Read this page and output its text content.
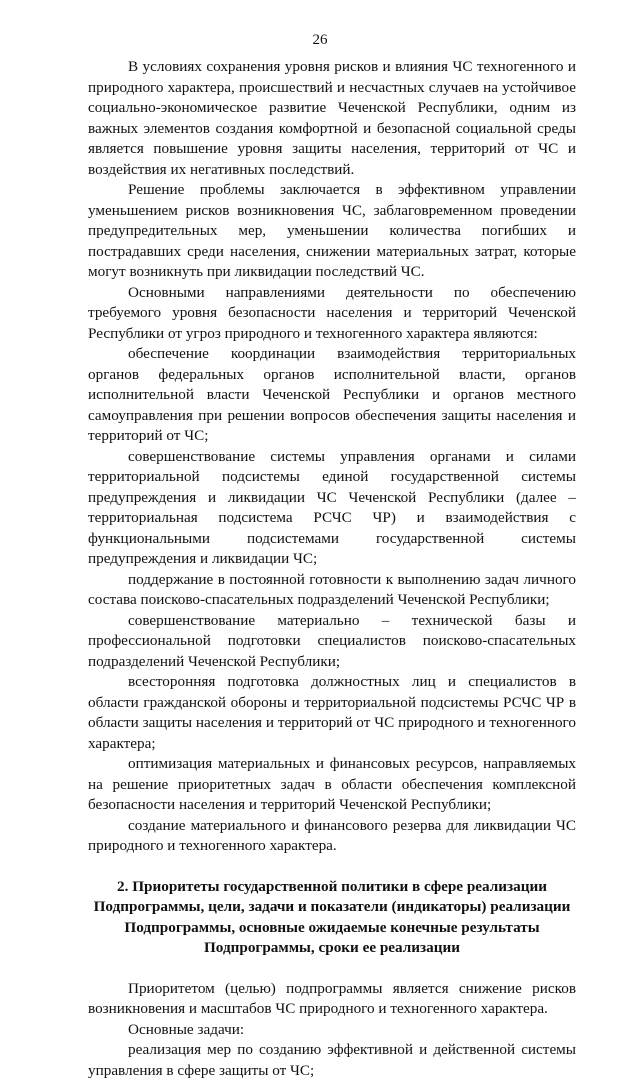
26

В условиях сохранения уровня рисков и влияния ЧС техногенного и природного характера, происшествий и несчастных случаев на устойчивое социально-экономическое развитие Чеченской Республики, одним из важных элементов создания комфортной и безопасной социальной среды является повышение уровня защиты населения, территорий от ЧС и воздействия их негативных последствий.

Решение проблемы заключается в эффективном управлении уменьшением рисков возникновения ЧС, заблаговременном проведении предупредительных мер, уменьшении количества погибших и пострадавших среди населения, снижении материальных затрат, которые могут возникнуть при ликвидации последствий ЧС.

Основными направлениями деятельности по обеспечению требуемого уровня безопасности населения и территорий Чеченской Республики от угроз природного и техногенного характера являются:

обеспечение координации взаимодействия территориальных органов федеральных органов исполнительной власти, органов исполнительной власти Чеченской Республики и органов местного самоуправления при решении вопросов обеспечения защиты населения и территорий от ЧС;

совершенствование системы управления органами и силами территориальной подсистемы единой государственной системы предупреждения и ликвидации ЧС Чеченской Республики (далее – территориальная подсистема РСЧС ЧР) и взаимодействия с функциональными подсистемами государственной системы предупреждения и ликвидации ЧС;

поддержание в постоянной готовности к выполнению задач личного состава поисково-спасательных подразделений Чеченской Республики;

совершенствование материально – технической базы и профессиональной подготовки специалистов поисково-спасательных подразделений Чеченской Республики;

всесторонняя подготовка должностных лиц и специалистов в области гражданской обороны и территориальной подсистемы РСЧС ЧР в области защиты населения и территорий от ЧС природного и техногенного характера;

оптимизация материальных и финансовых ресурсов, направляемых на решение приоритетных задач в области обеспечения комплексной безопасности населения и территорий Чеченской Республики;

создание материального и финансового резерва для ликвидации ЧС природного и техногенного характера.

2. Приоритеты государственной политики в сфере реализации Подпрограммы, цели, задачи и показатели (индикаторы) реализации Подпрограммы, основные ожидаемые конечные результаты Подпрограммы, сроки ее реализации

Приоритетом (целью) подпрограммы является снижение рисков возникновения и масштабов ЧС природного и техногенного характера.

Основные задачи:

реализация мер по созданию эффективной и действенной системы управления в сфере защиты от ЧС;
